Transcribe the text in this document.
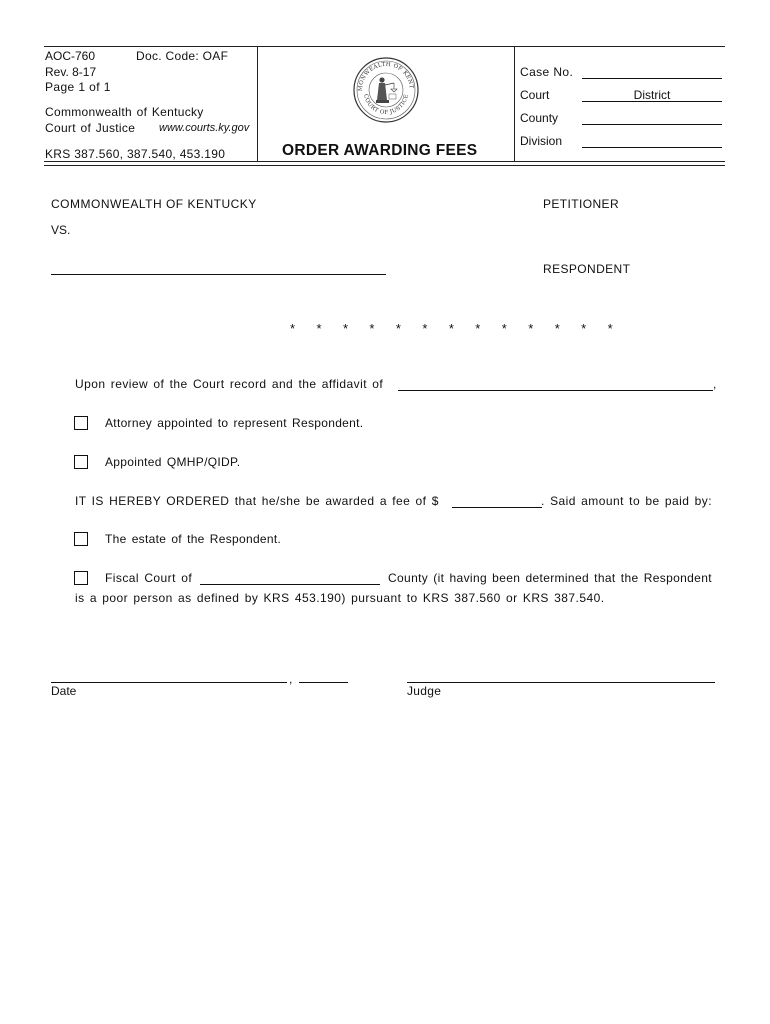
AOC-760	Doc. Code: OAF
Rev. 8-17
Page 1 of 1
Commonwealth of Kentucky
Court of Justice www.courts.ky.gov
KRS 387.560, 387.540, 453.190
MONWEALTH OF KENT
COURT OF JUSTICE
ORDER AWARDING FEES
Case No.
Court	District
County
Division
COMMONWEALTH OF KENTUCKY	PETITIONER
VS.
RESPONDENT
* * * * * * * * * * * * *
Upon review of the Court record and the affidavit of	,
Attorney appointed to represent Respondent.
Appointed QMHP/QIDP.
IT IS HEREBY ORDERED that he/she be awarded a fee of $	. Said amount to be paid by:
The estate of the Respondent.
Fiscal Court of	County (it having been determined that the Respondent
is a poor person as defined by KRS 453.190) pursuant to KRS 387.560 or KRS 387.540.
,
Date	Judge
